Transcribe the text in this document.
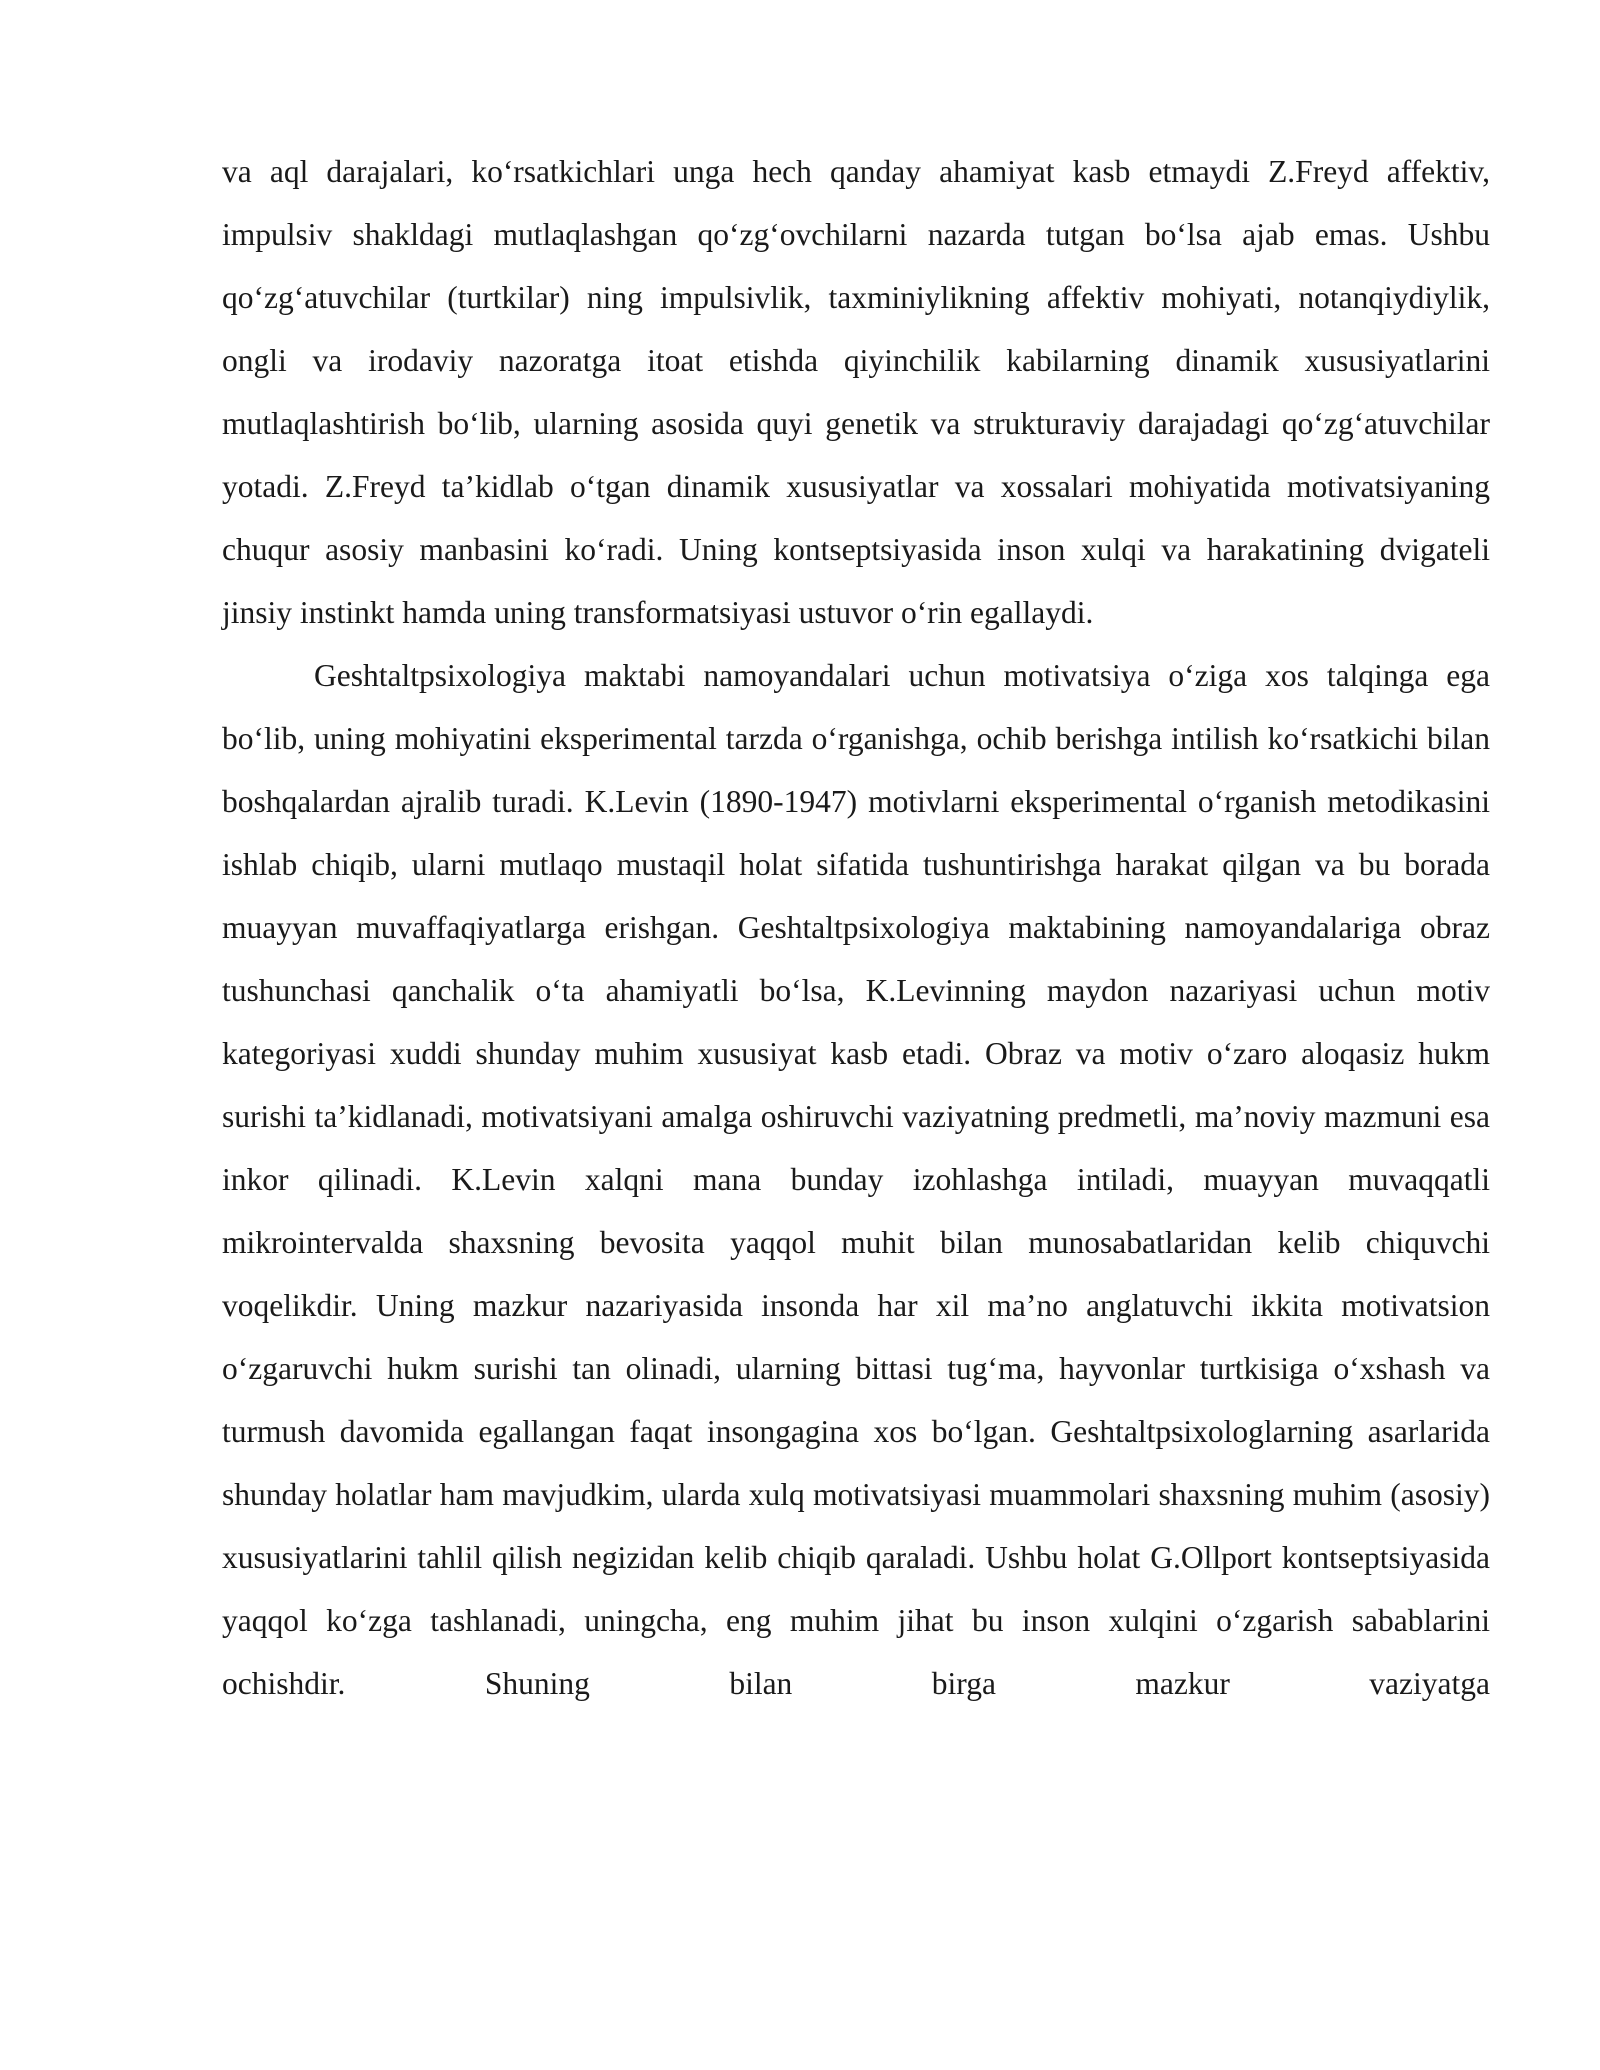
va aql darajalari, ko‘rsatkichlari unga hech qanday ahamiyat kasb etmaydi Z.Freyd affektiv, impulsiv shakldagi mutlaqlashgan qo‘zg‘ovchilarni nazarda tutgan bo‘lsa ajab emas. Ushbu qo‘zg‘atuvchilar (turtkilar) ning impulsivlik, taxminiylikning affektiv mohiyati, notanqiydiylik, ongli va irodaviy nazoratga itoat etishda qiyinchilik kabilarning dinamik xususiyatlarini mutlaqlashtirish bo‘lib, ularning asosida quyi genetik va strukturaviy darajadagi qo‘zg‘atuvchilar yotadi. Z.Freyd ta’kidlab o‘tgan dinamik xususiyatlar va xossalari mohiyatida motivatsiyaning chuqur asosiy manbasini ko‘radi. Uning kontseptsiyasida inson xulqi va harakatining dvigateli jinsiy instinkt hamda uning transformatsiyasi ustuvor o‘rin egallaydi.

Geshtaltpsixologiya maktabi namoyandalari uchun motivatsiya o‘ziga xos talqinga ega bo‘lib, uning mohiyatini eksperimental tarzda o‘rganishga, ochib berishga intilish ko‘rsatkichi bilan boshqalardan ajralib turadi. K.Levin (1890-1947) motivlarni eksperimental o‘rganish metodikasini ishlab chiqib, ularni mutlaqo mustaqil holat sifatida tushuntirishga harakat qilgan va bu borada muayyan muvaffaqiyatlarga erishgan. Geshtaltpsixologiya maktabining namoyandalariga obraz tushunchasi qanchalik o‘ta ahamiyatli bo‘lsa, K.Levinning maydon nazariyasi uchun motiv kategoriyasi xuddi shunday muhim xususiyat kasb etadi. Obraz va motiv o‘zaro aloqasiz hukm surishi ta’kidlanadi, motivatsiyani amalga oshiruvchi vaziyatning predmetli, ma’noviy mazmuni esa inkor qilinadi. K.Levin xalqni mana bunday izohlashga intiladi, muayyan muvaqqatli mikrointervalda shaxsning bevosita yaqqol muhit bilan munosabatlaridan kelib chiquvchi voqelikdir. Uning mazkur nazariyasida insonda har xil ma’no anglatuvchi ikkita motivatsion o‘zgaruvchi hukm surishi tan olinadi, ularning bittasi tug‘ma, hayvonlar turtkisiga o‘xshash va turmush davomida egallangan faqat insongagina xos bo‘lgan. Geshtaltpsixologlarning asarlarida shunday holatlar ham mavjudkim, ularda xulq motivatsiyasi muammolari shaxsning muhim (asosiy) xususiyatlarini tahlil qilish negizidan kelib chiqib qaraladi. Ushbu holat G.Ollport kontseptsiyasida yaqqol ko‘zga tashlanadi, uningcha, eng muhim jihat bu inson xulqini o‘zgarish sabablarini ochishdir. Shuning bilan birga mazkur vaziyatga
